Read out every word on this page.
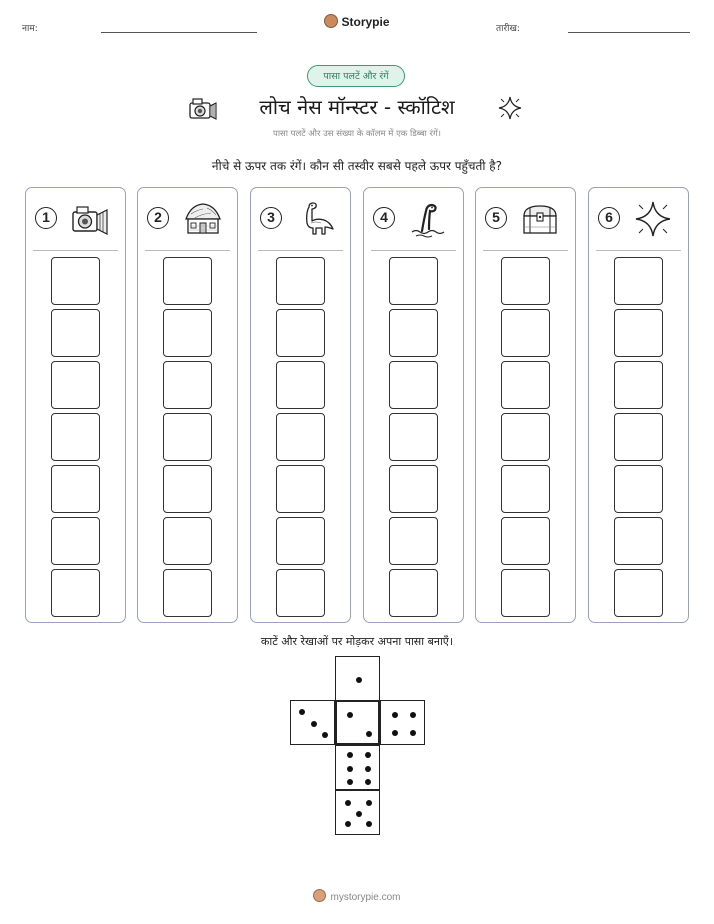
नाम:	Storypie	तारीख:
पासा पलटें और रंगें
लोच नेस मॉन्स्टर - स्कॉटिश
पासा पलटें और उस संख्या के कॉलम में एक डिब्बा रंगें।
नीचे से ऊपर तक रंगें। कौन सी तस्वीर सबसे पहले ऊपर पहुँचती है?
1	2	3	4	5	6
काटें और रेखाओं पर मोड़कर अपना पासा बनाएँ।
mystorypie.com
